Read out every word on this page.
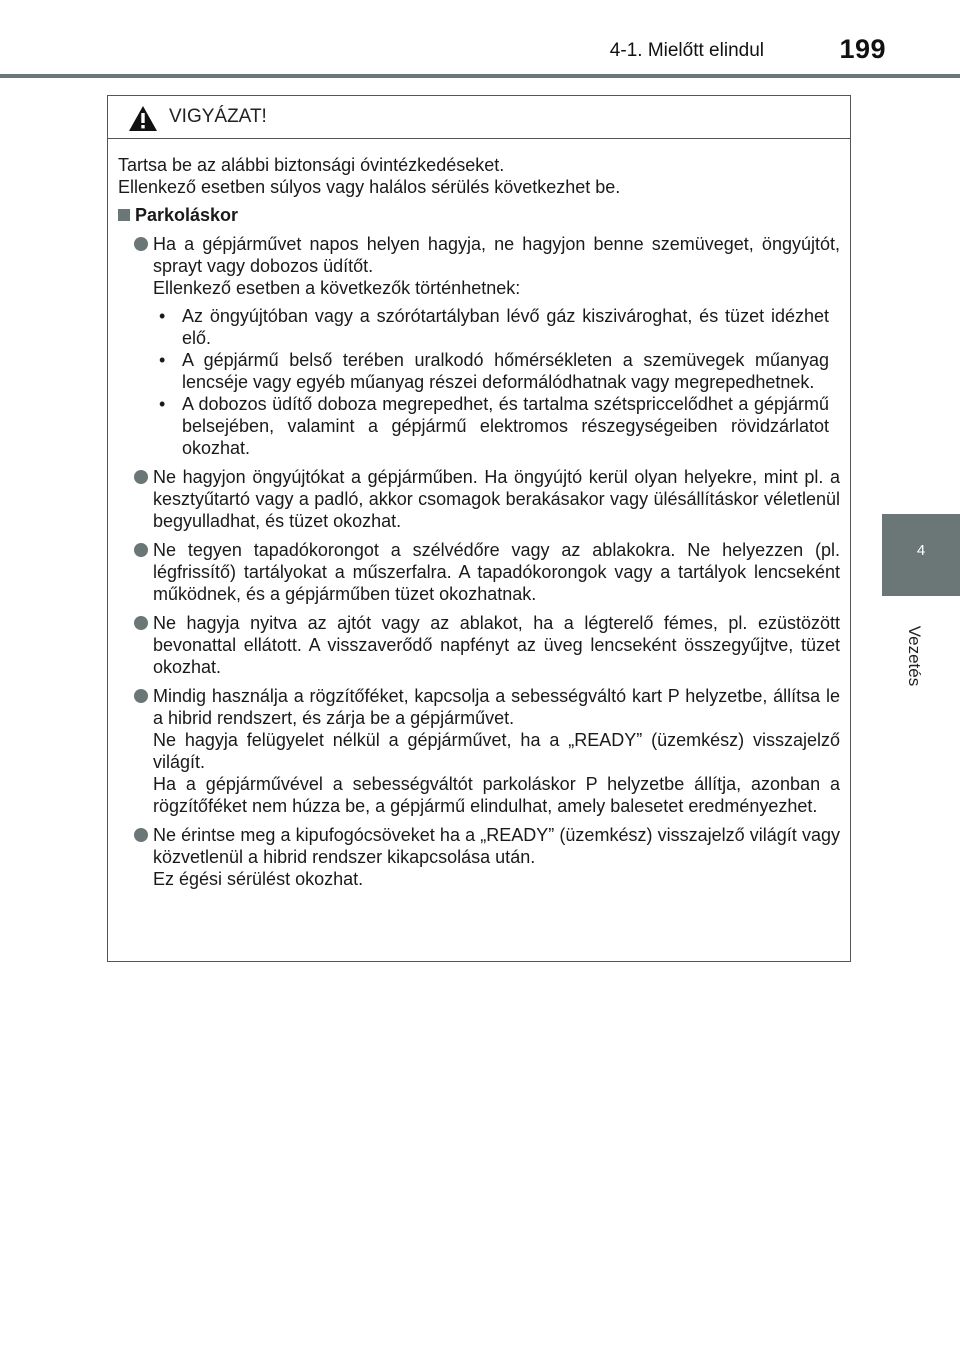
4-1. Mielőtt elindul	199
4
Vezetés
VIGYÁZAT!
Tartsa be az alábbi biztonsági óvintézkedéseket.
Ellenkező esetben súlyos vagy halálos sérülés következhet be.
Parkoláskor
Ha a gépjárművet napos helyen hagyja, ne hagyjon benne szemüveget, öngyújtót, sprayt vagy dobozos üdítőt.
Ellenkező esetben a következők történhetnek:
• Az öngyújtóban vagy a szórótartályban lévő gáz kiszivároghat, és tüzet idézhet elő.
• A gépjármű belső terében uralkodó hőmérsékleten a szemüvegek műanyag lencséje vagy egyéb műanyag részei deformálódhatnak vagy megrepedhetnek.
• A dobozos üdítő doboza megrepedhet, és tartalma szétspriccelődhet a gépjármű belsejében, valamint a gépjármű elektromos részegységeiben rövidzárlatot okozhat.
Ne hagyjon öngyújtókat a gépjárműben. Ha öngyújtó kerül olyan helyekre, mint pl. a kesztyűtartó vagy a padló, akkor csomagok berakásakor vagy ülésállításkor véletlenül begyulladhat, és tüzet okozhat.
Ne tegyen tapadókorongot a szélvédőre vagy az ablakokra. Ne helyezzen (pl. légfrissítő) tartályokat a műszerfalra. A tapadókorongok vagy a tartályok lencseként működnek, és a gépjárműben tüzet okozhatnak.
Ne hagyja nyitva az ajtót vagy az ablakot, ha a légterelő fémes, pl. ezüstözött bevonattal ellátott. A visszaverődő napfényt az üveg lencseként összegyűjtve, tüzet okozhat.
Mindig használja a rögzítőféket, kapcsolja a sebességváltó kart P helyzetbe, állítsa le a hibrid rendszert, és zárja be a gépjárművet.
Ne hagyja felügyelet nélkül a gépjárművet, ha a „READY” (üzemkész) visszajelző világít.
Ha a gépjárművével a sebességváltót parkoláskor P helyzetbe állítja, azonban a rögzítőféket nem húzza be, a gépjármű elindulhat, amely balesetet eredményezhet.
Ne érintse meg a kipufogócsöveket ha a „READY” (üzemkész) visszajelző világít vagy közvetlenül a hibrid rendszer kikapcsolása után.
Ez égési sérülést okozhat.
